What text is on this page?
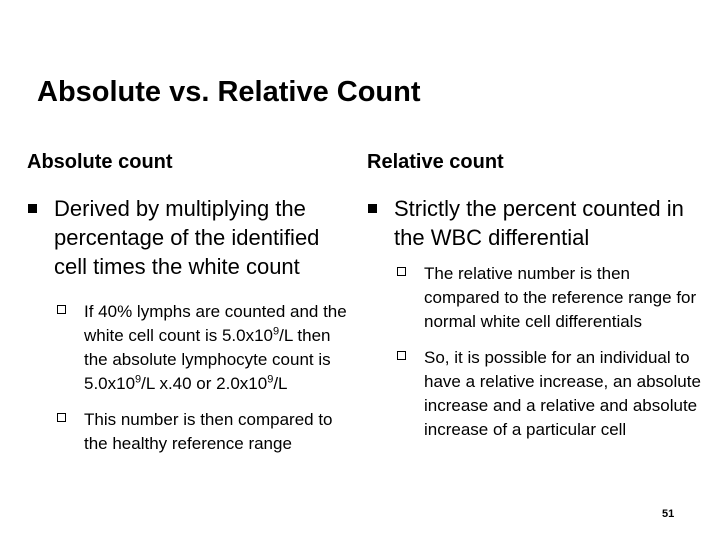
Absolute vs. Relative Count
Absolute count
Derived by multiplying the percentage of the identified cell times the white count
If 40% lymphs are counted and the white cell count is $5.0x10^9/L$ then the absolute lymphocyte count is $5.0x10^9/L$ x.40 or $2.0x10^9/L$
This number is then compared to the healthy reference range
Relative count
Strictly the percent counted in the WBC differential
The relative number is then compared to the reference range for normal white cell differentials
So, it is possible for an individual to have a relative increase, an absolute increase and a relative and absolute increase of a particular cell
51
